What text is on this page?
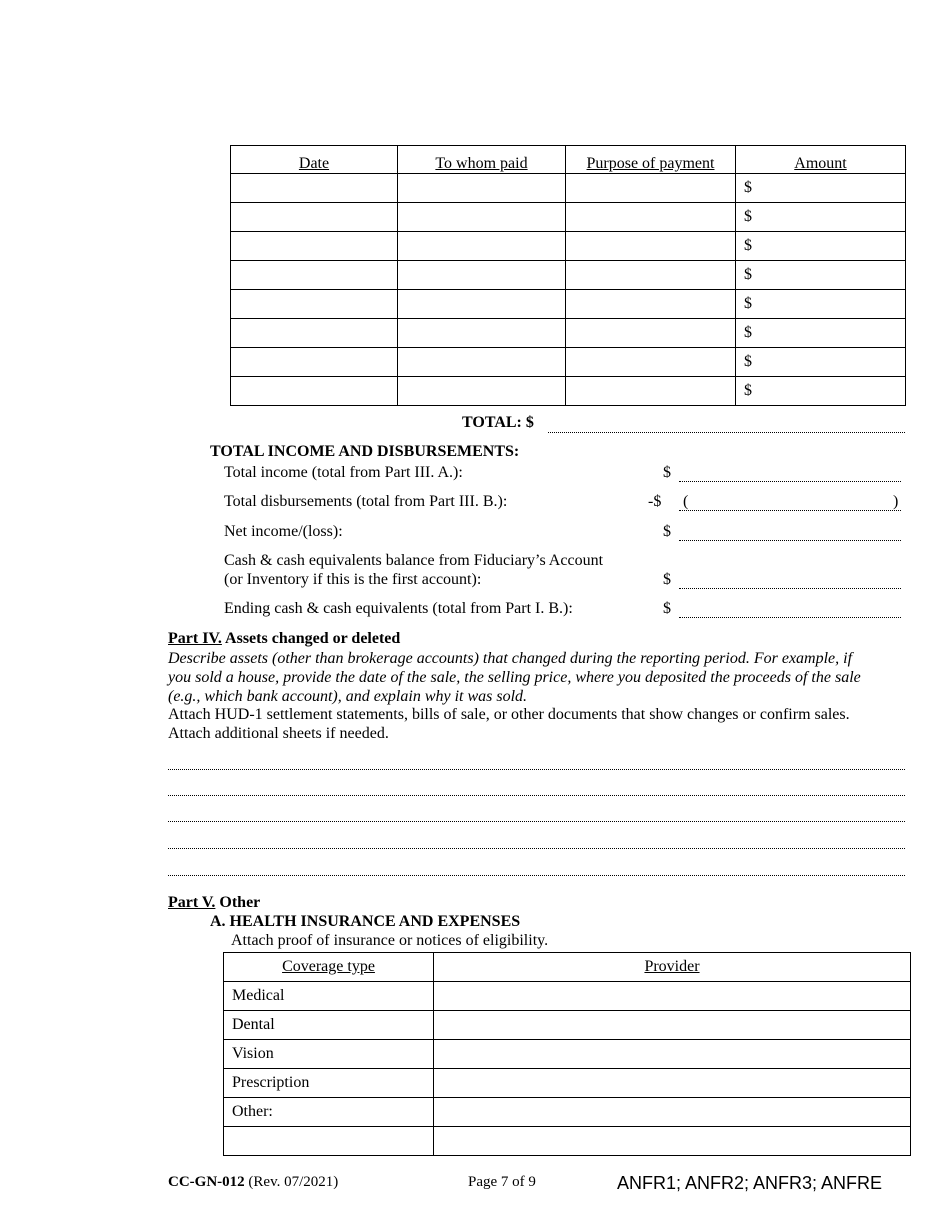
Date	To whom paid	Purpose of payment	Amount
			$
			$
			$
			$
			$
			$
			$
			$
TOTAL: $
TOTAL INCOME AND DISBURSEMENTS:
Total income (total from Part III. A.):	$
Total disbursements (total from Part III. B.):	-$ (	)
Net income/(loss):	$
Cash & cash equivalents balance from Fiduciary’s Account
(or Inventory if this is the first account):	$
Ending cash & cash equivalents (total from Part I. B.):	$
Part IV. Assets changed or deleted
Describe assets (other than brokerage accounts) that changed during the reporting period. For example, if
you sold a house, provide the date of the sale, the selling price, where you deposited the proceeds of the sale
(e.g., which bank account), and explain why it was sold.
Attach HUD-1 settlement statements, bills of sale, or other documents that show changes or confirm sales.
Attach additional sheets if needed.
Part V. Other
A. HEALTH INSURANCE AND EXPENSES
Attach proof of insurance or notices of eligibility.
Coverage type	Provider
Medical	
Dental	
Vision	
Prescription	
Other:	

CC-GN-012 (Rev. 07/2021)	Page 7 of 9	ANFR1; ANFR2; ANFR3; ANFRE
